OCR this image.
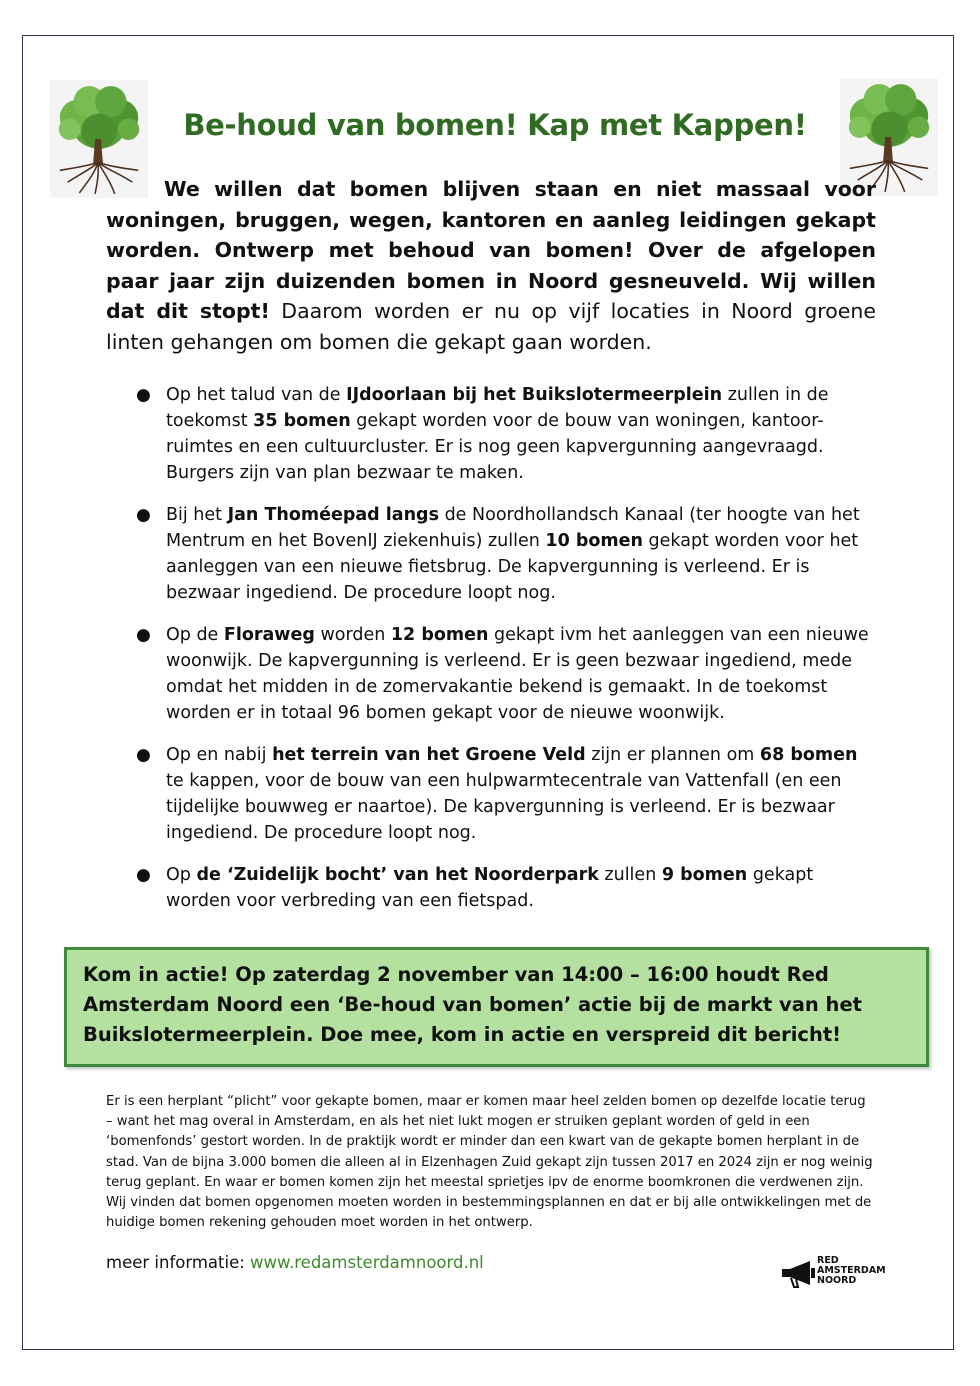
Be-houd van bomen! Kap met Kappen!

We willen dat bomen blijven staan en niet massaal voor woningen, bruggen, wegen, kantoren en aanleg leidingen gekapt worden. Ontwerp met behoud van bomen! Over de afgelopen paar jaar zijn duizenden bomen in Noord gesneuveld. Wij willen dat dit stopt! Daarom worden er nu op vijf locaties in Noord groene linten gehangen om bomen die gekapt gaan worden.

● Op het talud van de IJdoorlaan bij het Buikslotermeerplein zullen in de toekomst 35 bomen gekapt worden voor de bouw van woningen, kantoor-ruimtes en een cultuurcluster. Er is nog geen kapvergunning aangevraagd. Burgers zijn van plan bezwaar te maken.
● Bij het Jan Thoméepad langs de Noordhollandsch Kanaal (ter hoogte van het Mentrum en het BovenIJ ziekenhuis) zullen 10 bomen gekapt worden voor het aanleggen van een nieuwe fietsbrug. De kapvergunning is verleend. Er is bezwaar ingediend. De procedure loopt nog.
● Op de Floraweg worden 12 bomen gekapt ivm het aanleggen van een nieuwe woonwijk. De kapvergunning is verleend. Er is geen bezwaar ingediend, mede omdat het midden in de zomervakantie bekend is gemaakt. In de toekomst worden er in totaal 96 bomen gekapt voor de nieuwe woonwijk.
● Op en nabij het terrein van het Groene Veld zijn er plannen om 68 bomen te kappen, voor de bouw van een hulpwarmtecentrale van Vattenfall (en een tijdelijke bouwweg er naartoe). De kapvergunning is verleend. Er is bezwaar ingediend. De procedure loopt nog.
● Op de ‘Zuidelijk bocht’ van het Noorderpark zullen 9 bomen gekapt worden voor verbreding van een fietspad.
Kom in actie! Op zaterdag 2 november van 14:00 – 16:00 houdt Red Amsterdam Noord een ‘Be-houd van bomen’ actie bij de markt van het Buikslotermeerplein. Doe mee, kom in actie en verspreid dit bericht!

Er is een herplant “plicht” voor gekapte bomen, maar er komen maar heel zelden bomen op dezelfde locatie terug – want het mag overal in Amsterdam, en als het niet lukt mogen er struiken geplant worden of geld in een ‘bomenfonds’ gestort worden. In de praktijk wordt er minder dan een kwart van de gekapte bomen herplant in de stad. Van de bijna 3.000 bomen die alleen al in Elzenhagen Zuid gekapt zijn tussen 2017 en 2024 zijn er nog weinig terug geplant. En waar er bomen komen zijn het meestal sprietjes ipv de enorme boomkronen die verdwenen zijn. Wij vinden dat bomen opgenomen moeten worden in bestemmingsplannen en dat er bij alle ontwikkelingen met de huidige bomen rekening gehouden moet worden in het ontwerp.

meer informatie: www.redamsterdamnoord.nl	RED
AMSTERDAM
NOORD
